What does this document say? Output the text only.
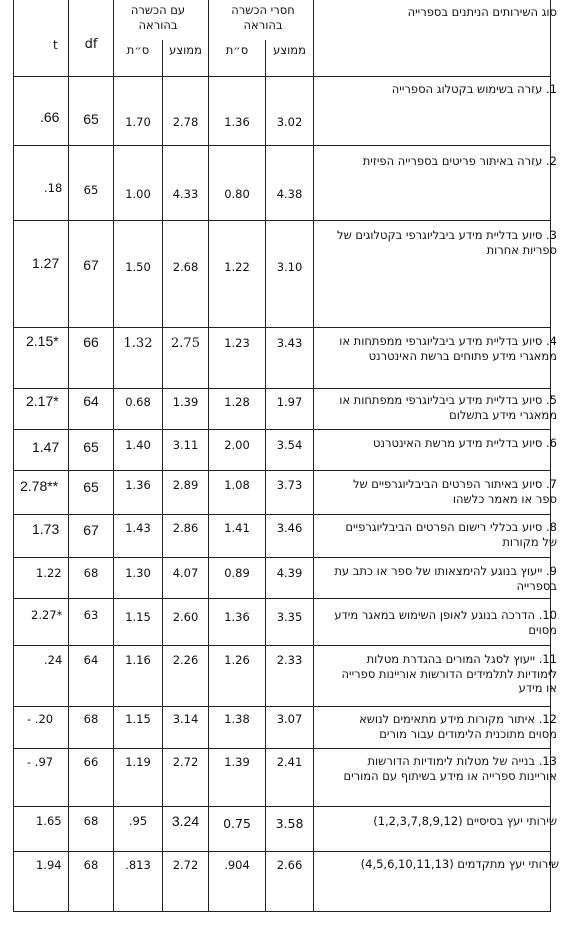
סוג השירותים הניתנים בספרייה
חסרי הכשרה בהוראה
עם הכשרה בהוראה
ממוצע
ס״ת
ממוצע
ס״ת
df
t
1. עזרה בשימוש בקטלוג הספרייה
3.02
1.36
2.78
1.70
65
.66
2. עזרה באיתור פריטים בספרייה הפיזית
4.38
0.80
4.33
1.00
65
.18
3. סיוע בדליית מידע ביבליוגרפי בקטלוגים של ספריות אחרות
3.10
1.22
2.68
1.50
67
1.27
4. סיוע בדליית מידע ביבליוגרפי ממפתחות או ממאגרי מידע פתוחים ברשת האינטרנט
3.43
1.23
2.75
1.32
66
2.15*
5. סיוע בדליית מידע ביבליוגרפי ממפתחות או ממאגרי מידע בתשלום
1.97
1.28
1.39
0.68
64
2.17*
6. סיוע בדליית מידע מרשת האינטרנט
3.54
2.00
3.11
1.40
65
1.47
7. סיוע באיתור הפרטים הביבליוגרפיים של ספר או מאמר כלשהו
3.73
1.08
2.89
1.36
65
2.78**
8. סיוע בכללי רישום הפרטים הביבליוגרפיים של מקורות
3.46
1.41
2.86
1.43
67
1.73
9. ייעוץ בנוגע להימצאותו של ספר או כתב עת בספרייה
4.39
0.89
4.07
1.30
68
1.22
10. הדרכה בנוגע לאופן השימוש במאגר מידע מסוים
3.35
1.36
2.60
1.15
63
2.27*
11. ייעוץ לסגל המורים בהגדרת מטלות לימודיות לתלמידים הדורשות אוריינות ספרייה או מידע
2.33
1.26
2.26
1.16
64
.24
12. איתור מקורות מידע מתאימים לנושא מסוים מתוכנית הלימודים עבור מורים
3.07
1.38
3.14
1.15
68
- .20
13. בנייה של מטלות לימודיות הדורשות אוריינות ספרייה או מידע בשיתוף עם המורים
2.41
1.39
2.72
1.19
66
- .97
שירותי יעץ בסיסיים (1,2,3,7,8,9,12)
3.58
0.75
3.24
.95
68
1.65
שירותי יעץ מתקדמים (4,5,6,10,11,13)
2.66
.904
2.72
.813
68
1.94
